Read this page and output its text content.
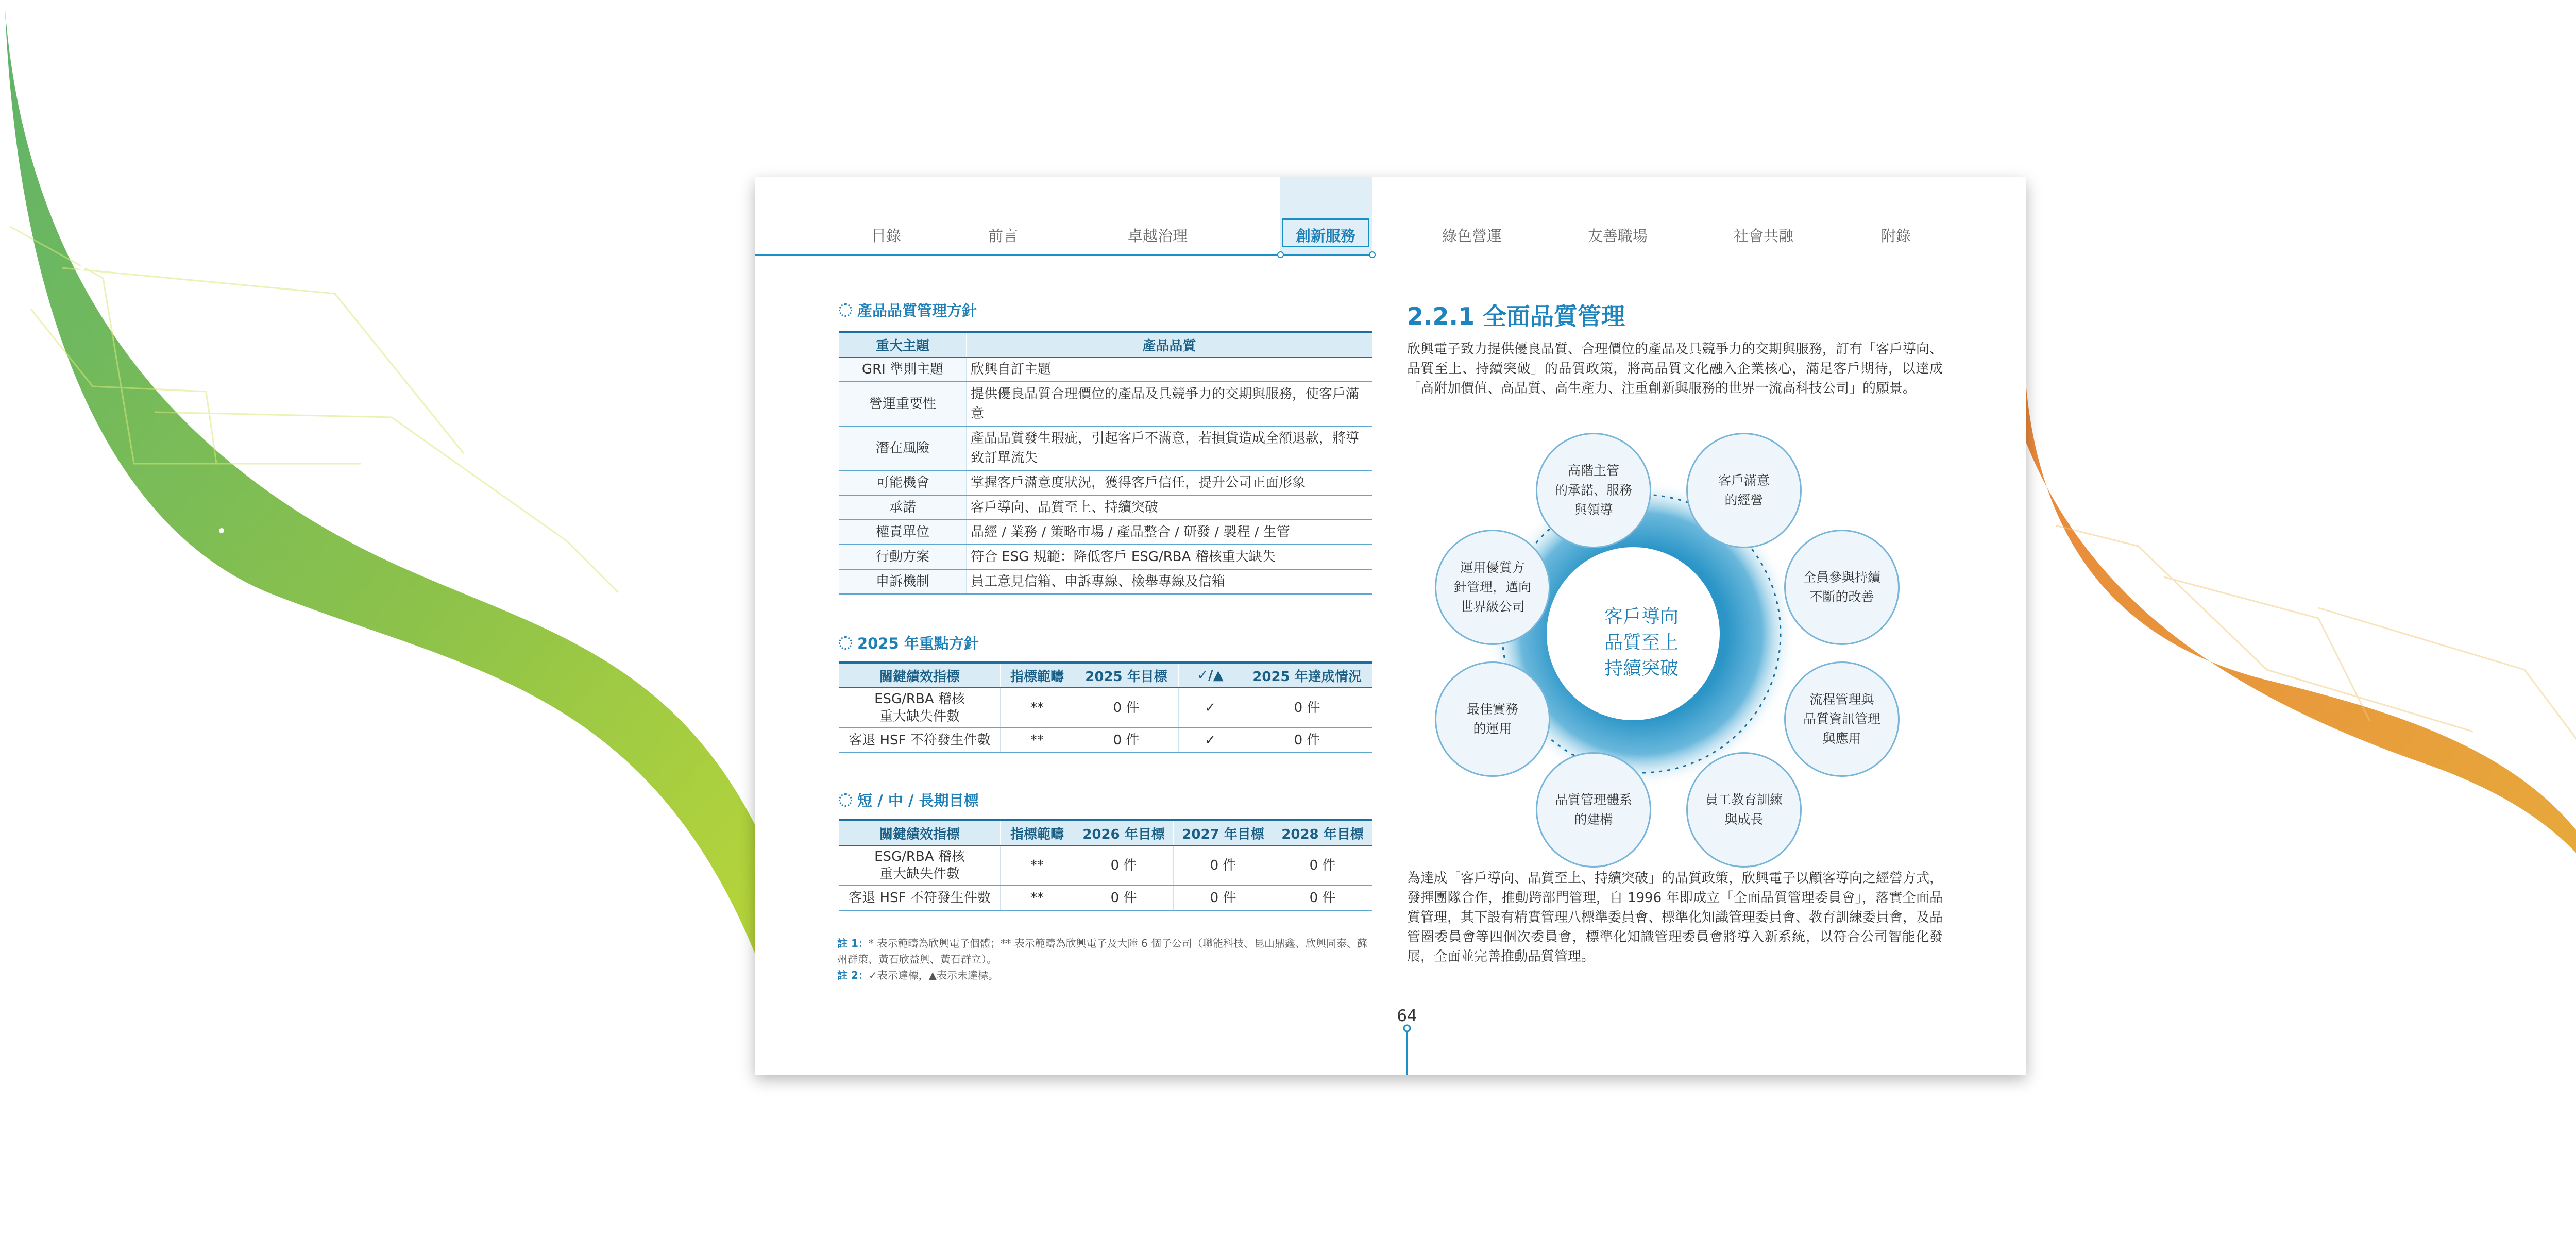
目錄	前言	卓越治理	創新服務	綠色營運	友善職場	社會共融	附錄
產品品質管理方針
重大主題	產品品質
GRI 準則主題	欣興自訂主題
營運重要性	提供優良品質合理價位的產品及具競爭力的交期與服務，使客戶滿意
潛在風險	產品品質發生瑕疵，引起客戶不滿意，若損貨造成全額退款，將導致訂單流失
可能機會	掌握客戶滿意度狀況，獲得客戶信任，提升公司正面形象
承諾	客戶導向、品質至上、持續突破
權責單位	品經 / 業務 / 策略市場 / 產品整合 / 研發 / 製程 / 生管
行動方案	符合 ESG 規範：降低客戶 ESG/RBA 稽核重大缺失
申訴機制	員工意見信箱、申訴專線、檢舉專線及信箱
2025 年重點方針
關鍵績效指標	指標範疇	2025 年目標	✓/▲	2025 年達成情況
ESG/RBA 稽核
重大缺失件數	**	0 件	✓	0 件
客退 HSF 不符發生件數	**	0 件	✓	0 件
短 / 中 / 長期目標
關鍵績效指標	指標範疇	2026 年目標	2027 年目標	2028 年目標
ESG/RBA 稽核
重大缺失件數	**	0 件	0 件	0 件
客退 HSF 不符發生件數	**	0 件	0 件	0 件
註 1：* 表示範疇為欣興電子個體；** 表示範疇為欣興電子及大陸 6 個子公司（聯能科技、昆山鼎鑫、欣興同泰、蘇州群策、黃石欣益興、黃石群立）。
註 2：✓表示達標，▲表示未達標。
2.2.1 全面品質管理
欣興電子致力提供優良品質、合理價位的產品及具競爭力的交期與服務，訂有「客戶導向、品質至上、持續突破」的品質政策，將高品質文化融入企業核心，滿足客戶期待，以達成「高附加價值、高品質、高生產力、注重創新與服務的世界一流高科技公司」的願景。
客戶導向
品質至上
持續突破
客戶滿意
的經營
全員參與持續
不斷的改善
流程管理與
品質資訊管理
與應用
員工教育訓練
與成長
品質管理體系
的建構
最佳實務
的運用
運用優質方
針管理，邁向
世界級公司
高階主管
的承諾、服務
與領導
為達成「客戶導向、品質至上、持續突破」的品質政策，欣興電子以顧客導向之經營方式，發揮團隊合作，推動跨部門管理，自 1996 年即成立「全面品質管理委員會」，落實全面品質管理，其下設有精實管理八標準委員會、標準化知識管理委員會、教育訓練委員會，及品管圈委員會等四個次委員會，標準化知識管理委員會將導入新系統，以符合公司智能化發展，全面並完善推動品質管理。
64
